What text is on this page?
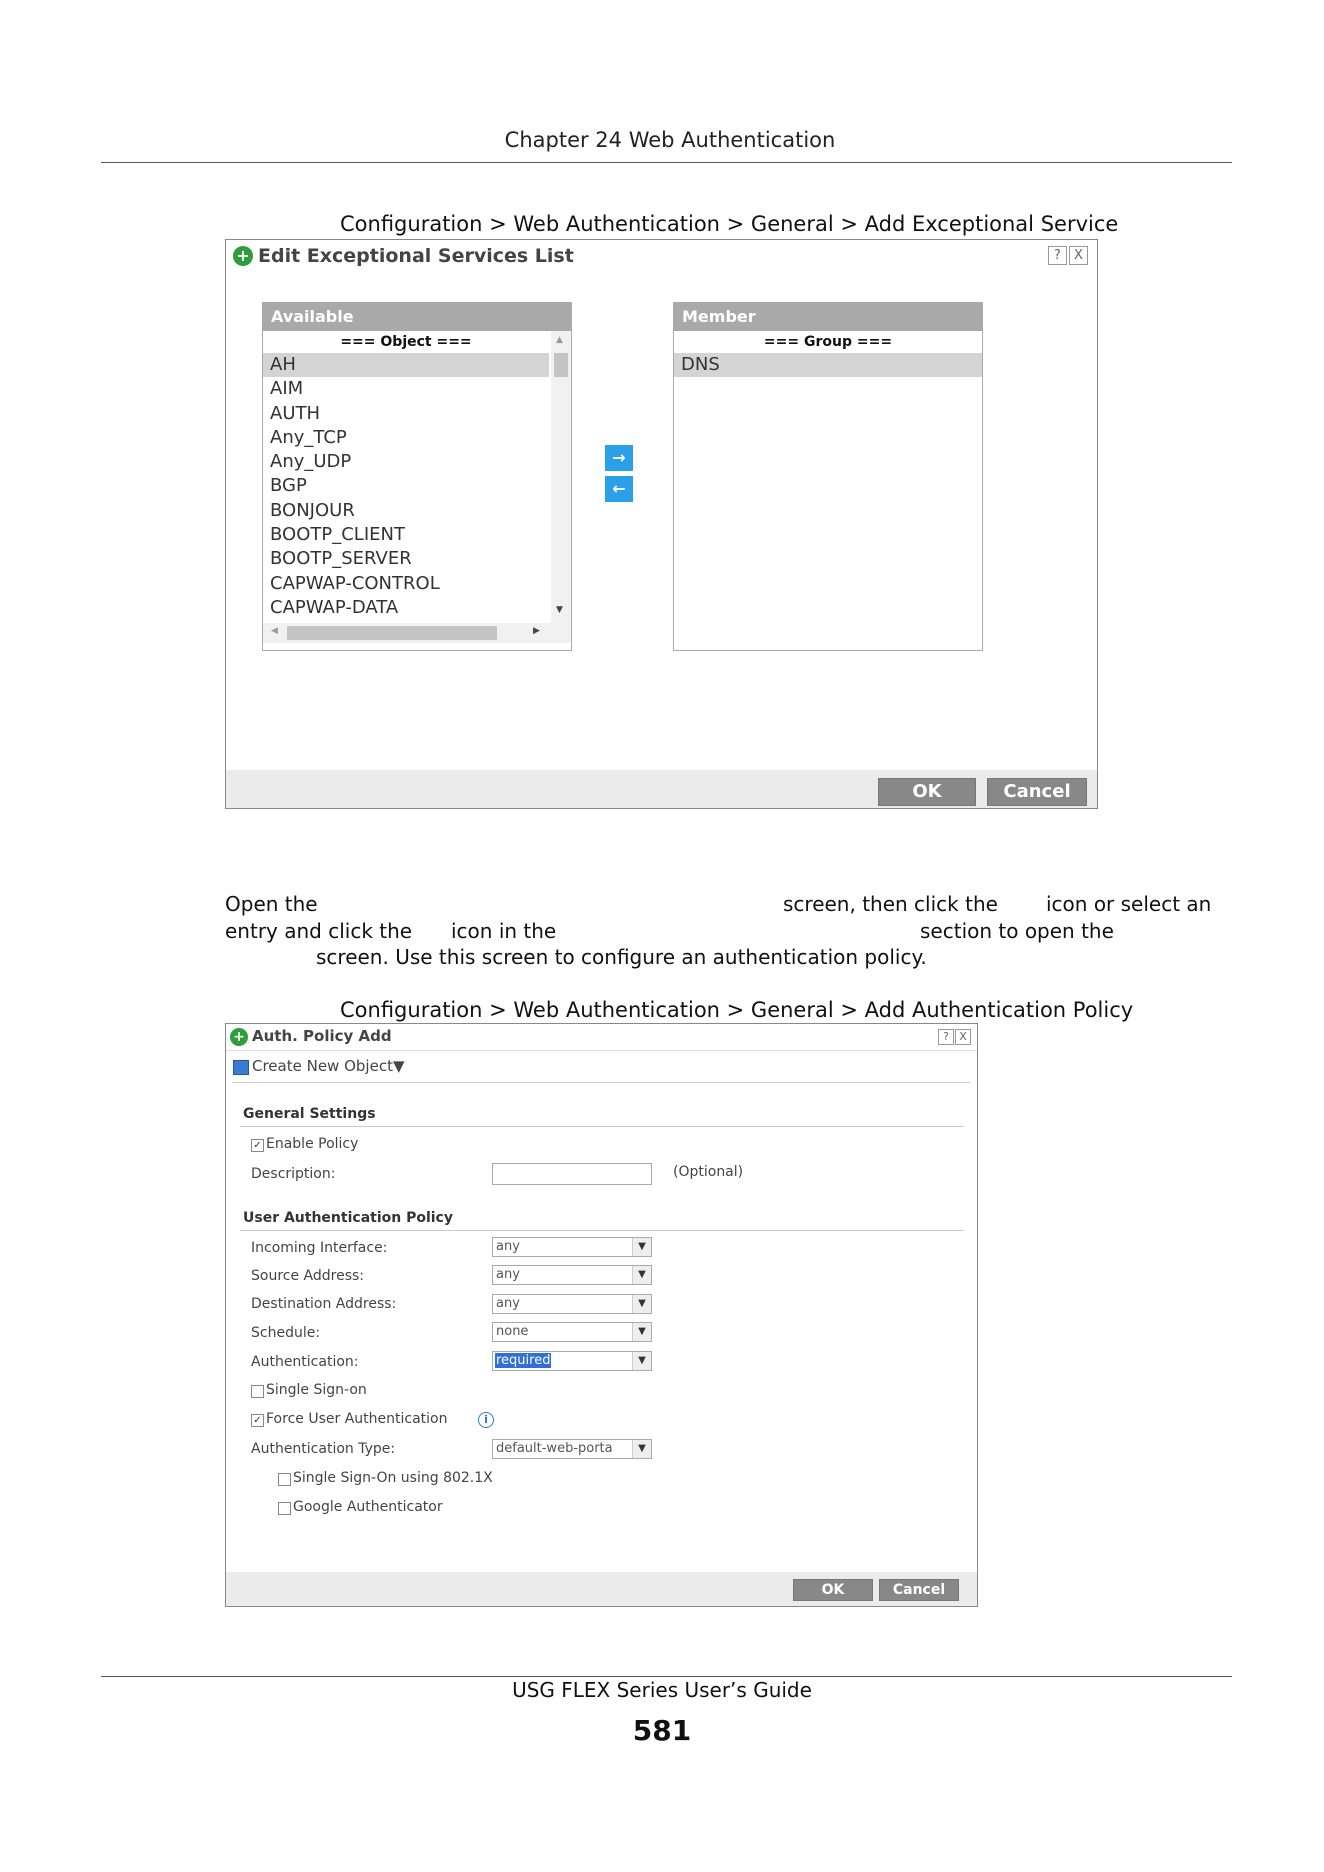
Chapter 24 Web Authentication
Configuration > Web Authentication > General > Add Exceptional Service
+ Edit Exceptional Services List	?	X
Available
=== Object ===
AH
AIM
AUTH
Any_TCP
Any_UDP
BGP
BONJOUR
BOOTP_CLIENT
BOOTP_SERVER
CAPWAP-CONTROL
CAPWAP-DATA
▲
▼
◀	▶
→
←
Member
=== Group ===
DNS
OK	Cancel
Open the	screen, then click the icon or select an
entry and click the icon in the	section to open the
screen. Use this screen to configure an authentication policy.
Configuration > Web Authentication > General > Add Authentication Policy
+ Auth. Policy Add	? X
Create New Object▼
General Settings
✓ Enable Policy
Description:	(Optional)
User Authentication Policy
Incoming Interface:	any	▼
Source Address:	any	▼
Destination Address:	any	▼
Schedule:	none	▼
Authentication:	required	▼
Single Sign-on
✓ Force User Authentication	i
Authentication Type:	default-web-porta	▼
Single Sign-On using 802.1X
Google Authenticator
OK	Cancel
USG FLEX Series User’s Guide
581
